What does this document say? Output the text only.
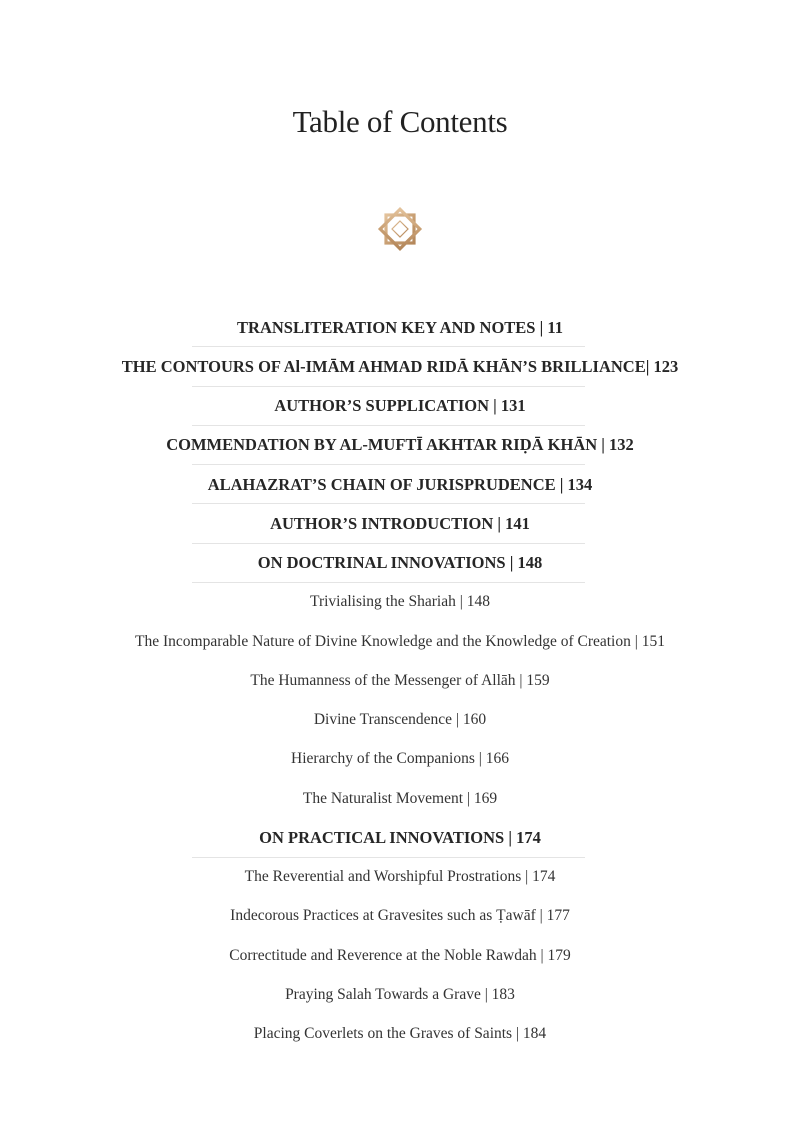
Table of Contents
TRANSLITERATION KEY AND NOTES | 11
THE CONTOURS OF Al-IMĀM AHMAD RIDĀ KHĀN’S BRILLIANCE| 123
AUTHOR’S SUPPLICATION | 131
COMMENDATION BY AL-MUFTĪ AKHTAR RIḌĀ KHĀN | 132
ALAHAZRAT’S CHAIN OF JURISPRUDENCE | 134
AUTHOR’S INTRODUCTION | 141
ON DOCTRINAL INNOVATIONS | 148
Trivialising the Shariah | 148
The Incomparable Nature of Divine Knowledge and the Knowledge of Creation | 151
The Humanness of the Messenger of Allāh | 159
Divine Transcendence | 160
Hierarchy of the Companions | 166
The Naturalist Movement | 169
ON PRACTICAL INNOVATIONS | 174
The Reverential and Worshipful Prostrations | 174
Indecorous Practices at Gravesites such as Ṭawāf | 177
Correctitude and Reverence at the Noble Rawdah | 179
Praying Salah Towards a Grave | 183
Placing Coverlets on the Graves of Saints | 184
